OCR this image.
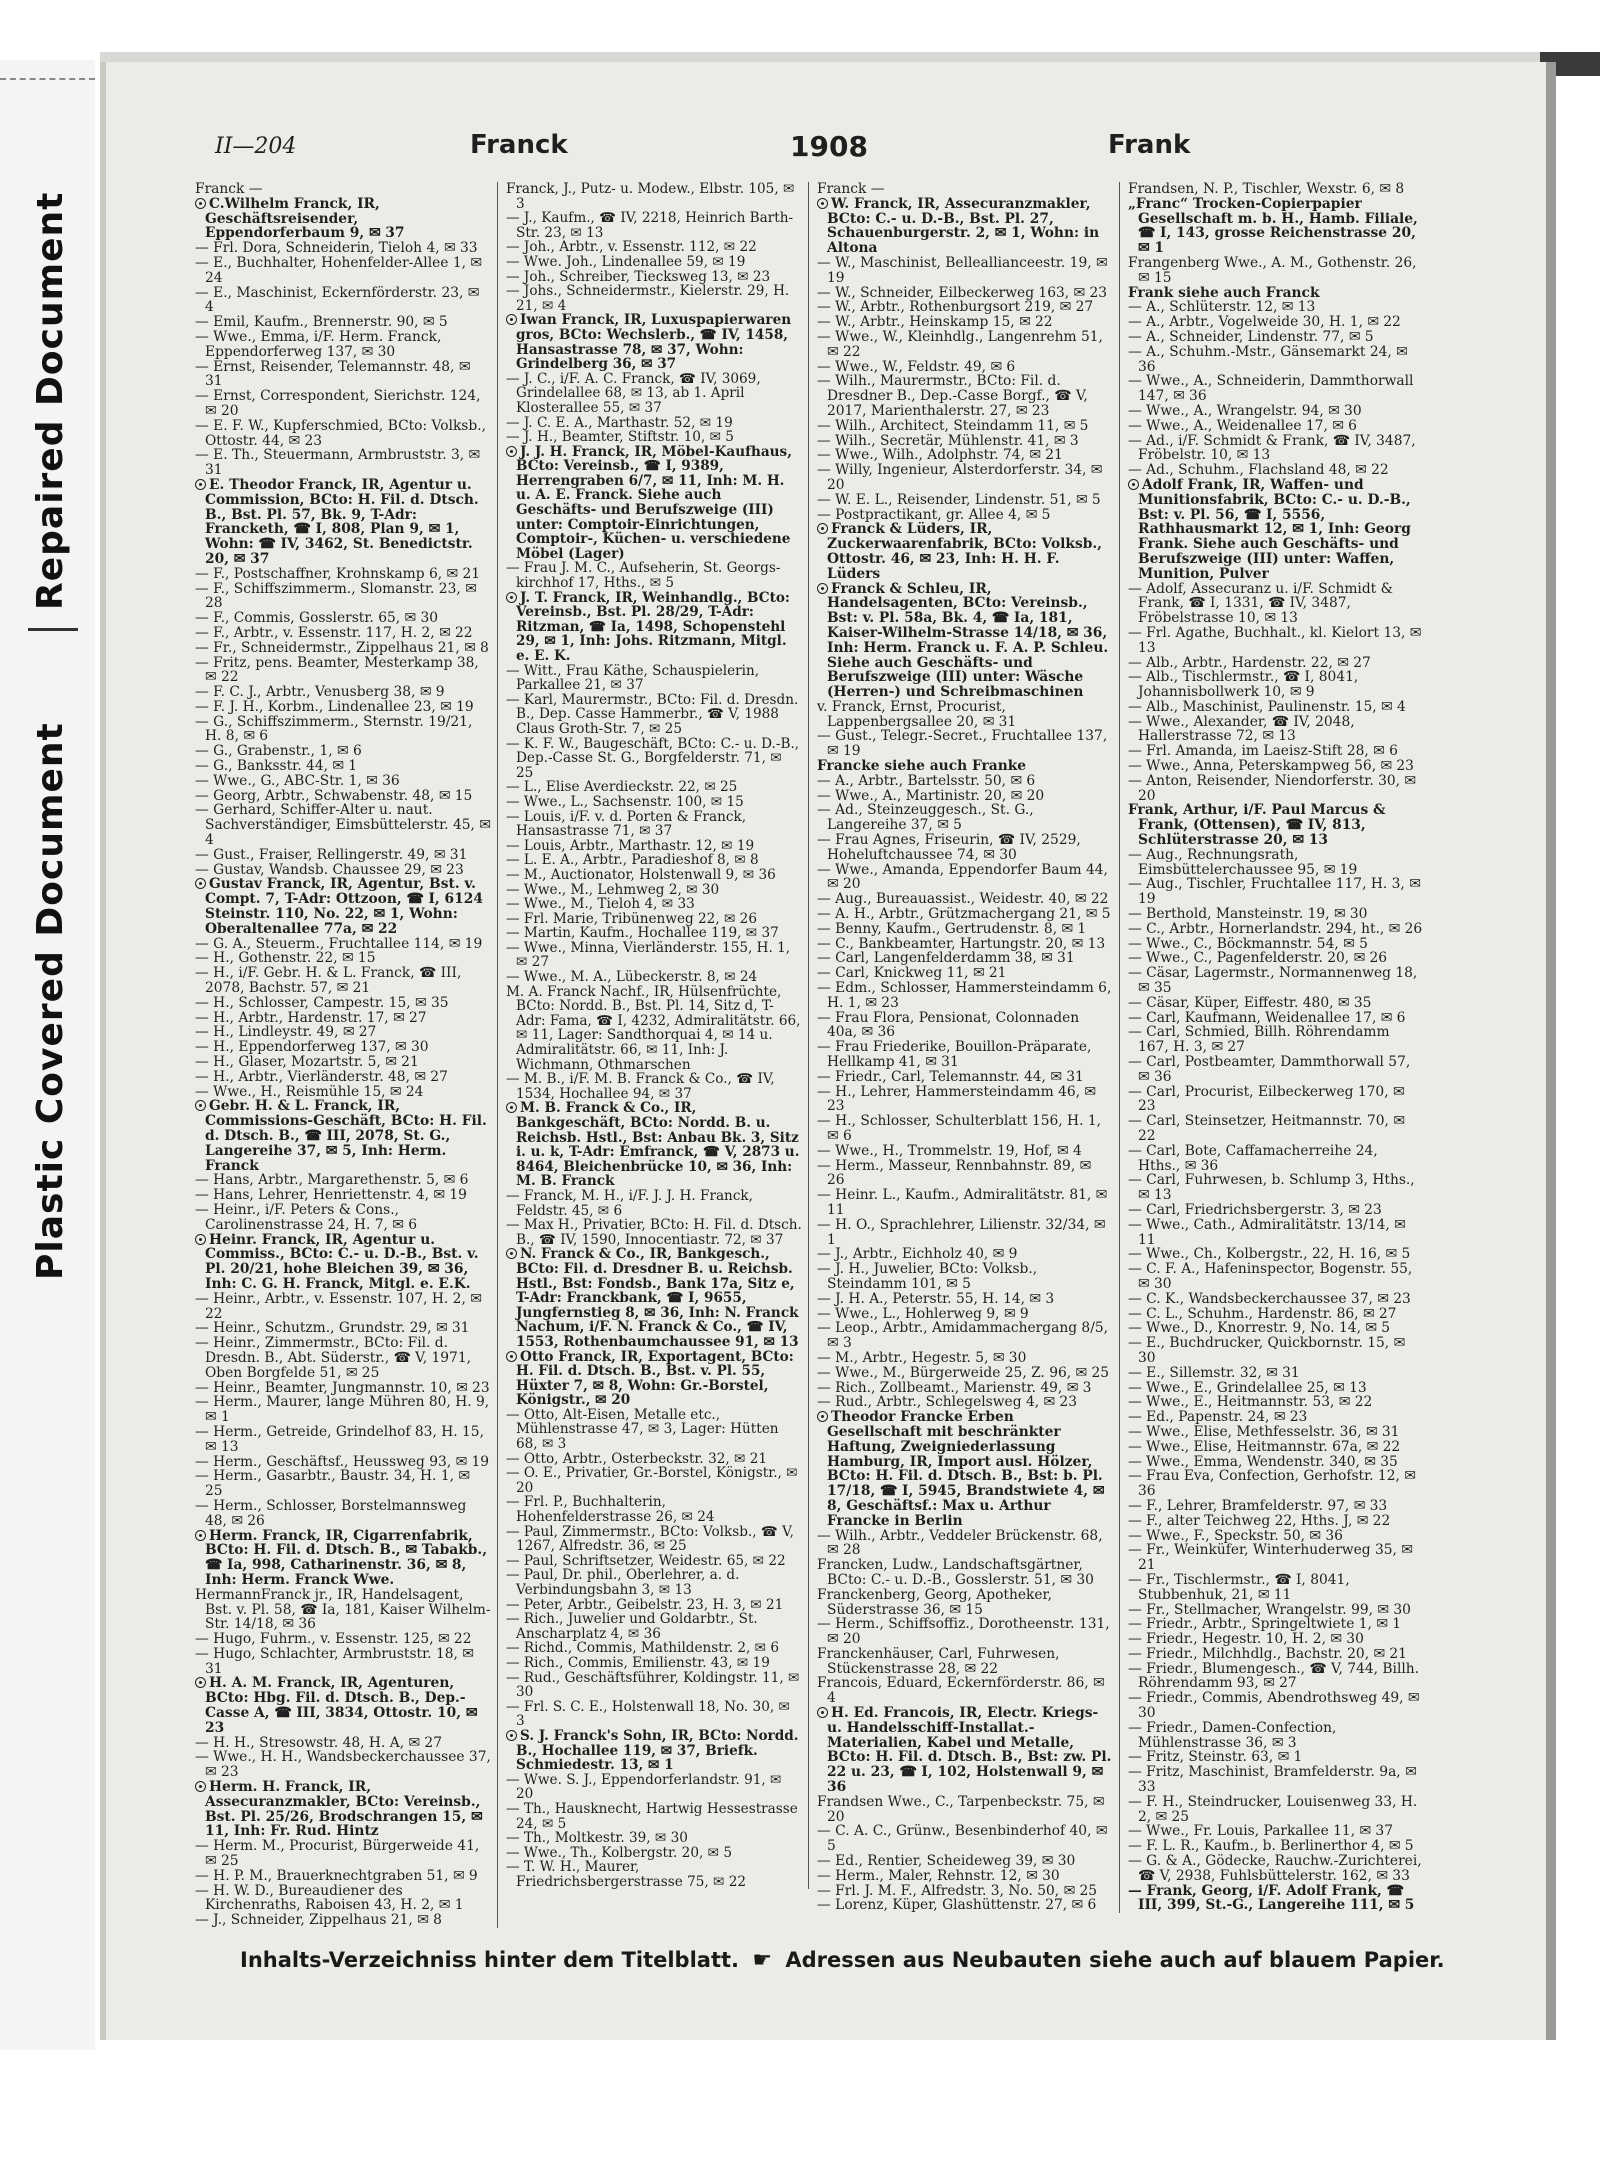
Repaired Document
Plastic Covered Document
II—204	Franck	1908	Frank

Franck —

C.Wilhelm Franck, IR, Geschäftsreisender, Eppendorferbaum 9, ✉ 37

— Frl. Dora, Schneiderin, Tieloh 4, ✉ 33

— E., Buchhalter, Hohenfelder-Allee 1, ✉ 24

— E., Maschinist, Eckernförderstr. 23, ✉ 4

— Emil, Kaufm., Brennerstr. 90, ✉ 5

— Wwe., Emma, i/F. Herm. Franck, Eppendorferweg 137, ✉ 30

— Ernst, Reisender, Telemannstr. 48, ✉ 31

— Ernst, Correspondent, Sierichstr. 124, ✉ 20

— E. F. W., Kupferschmied, BCto: Volksb., Ottostr. 44, ✉ 23

— E. Th., Steuermann, Armbruststr. 3, ✉ 31

E. Theodor Franck, IR, Agentur u. Commission, BCto: H. Fil. d. Dtsch. B., Bst. Pl. 57, Bk. 9, T-Adr: Francketh, ☎ I, 808, Plan 9, ✉ 1, Wohn: ☎ IV, 3462, St. Benedictstr. 20, ✉ 37

— F., Postschaffner, Krohnskamp 6, ✉ 21

— F., Schiffszimmerm., Slomanstr. 23, ✉ 28

— F., Commis, Gosslerstr. 65, ✉ 30

— F., Arbtr., v. Essenstr. 117, H. 2, ✉ 22

— Fr., Schneidermstr., Zippelhaus 21, ✉ 8

— Fritz, pens. Beamter, Mesterkamp 38, ✉ 22

— F. C. J., Arbtr., Venusberg 38, ✉ 9

— F. J. H., Korbm., Lindenallee 23, ✉ 19

— G., Schiffszimmerm., Sternstr. 19/21, H. 8, ✉ 6

— G., Grabenstr., 1, ✉ 6

— G., Banksstr. 44, ✉ 1

— Wwe., G., ABC-Str. 1, ✉ 36

— Georg, Arbtr., Schwabenstr. 48, ✉ 15

— Gerhard, Schiffer-Alter u. naut. Sachverständiger, Eimsbüttelerstr. 45, ✉ 4

— Gust., Fraiser, Rellingerstr. 49, ✉ 31

— Gustav, Wandsb. Chaussee 29, ✉ 23

Gustav Franck, IR, Agentur, Bst. v. Compt. 7, T-Adr: Ottzoon, ☎ I, 6124 Steinstr. 110, No. 22, ✉ 1, Wohn: Oberaltenallee 77a, ✉ 22

— G. A., Steuerm., Fruchtallee 114, ✉ 19

— H., Gothenstr. 22, ✉ 15

— H., i/F. Gebr. H. & L. Franck, ☎ III, 2078, Bachstr. 57, ✉ 21

— H., Schlosser, Campestr. 15, ✉ 35

— H., Arbtr., Hardenstr. 17, ✉ 27

— H., Lindleystr. 49, ✉ 27

— H., Eppendorferweg 137, ✉ 30

— H., Glaser, Mozartstr. 5, ✉ 21

— H., Arbtr., Vierländerstr. 48, ✉ 27

— Wwe., H., Reismühle 15, ✉ 24

Gebr. H. & L. Franck, IR, Commissions-Geschäft, BCto: H. Fil. d. Dtsch. B., ☎ III, 2078, St. G., Langereihe 37, ✉ 5, Inh: Herm. Franck

— Hans, Arbtr., Margarethenstr. 5, ✉ 6

— Hans, Lehrer, Henriettenstr. 4, ✉ 19

— Heinr., i/F. Peters & Cons., Carolinenstrasse 24, H. 7, ✉ 6

Heinr. Franck, IR, Agentur u. Commiss., BCto: C.- u. D.-B., Bst. v. Pl. 20/21, hohe Bleichen 39, ✉ 36, Inh: C. G. H. Franck, Mitgl. e. E.K.

— Heinr., Arbtr., v. Essenstr. 107, H. 2, ✉ 22

— Heinr., Schutzm., Grundstr. 29, ✉ 31

— Heinr., Zimmermstr., BCto: Fil. d. Dresdn. B., Abt. Süderstr., ☎ V, 1971, Oben Borgfelde 51, ✉ 25

— Heinr., Beamter, Jungmannstr. 10, ✉ 23

— Herm., Maurer, lange Mühren 80, H. 9, ✉ 1

— Herm., Getreide, Grindelhof 83, H. 15, ✉ 13

— Herm., Geschäftsf., Heussweg 93, ✉ 19

— Herm., Gasarbtr., Baustr. 34, H. 1, ✉ 25

— Herm., Schlosser, Borstelmannsweg 48, ✉ 26

Herm. Franck, IR, Cigarrenfabrik, BCto: H. Fil. d. Dtsch. B., ✉ Tabakb., ☎ Ia, 998, Catharinenstr. 36, ✉ 8, Inh: Herm. Franck Wwe.

HermannFranck jr., IR, Handelsagent, Bst. v. Pl. 58, ☎ Ia, 181, Kaiser Wilhelm-Str. 14/18, ✉ 36

— Hugo, Fuhrm., v. Essenstr. 125, ✉ 22

— Hugo, Schlachter, Armbruststr. 18, ✉ 31

H. A. M. Franck, IR, Agenturen, BCto: Hbg. Fil. d. Dtsch. B., Dep.-Casse A, ☎ III, 3834, Ottostr. 10, ✉ 23

— H. H., Stresowstr. 48, H. A, ✉ 27

— Wwe., H. H., Wandsbeckerchaussee 37, ✉ 23

Herm. H. Franck, IR, Assecuranzmakler, BCto: Vereinsb., Bst. Pl. 25/26, Brodschrangen 15, ✉ 11, Inh: Fr. Rud. Hintz

— Herm. M., Procurist, Bürgerweide 41, ✉ 25

— H. P. M., Brauerknechtgraben 51, ✉ 9

— H. W. D., Bureaudiener des Kirchenraths, Raboisen 43, H. 2, ✉ 1

— J., Schneider, Zippelhaus 21, ✉ 8

Franck, J., Putz- u. Modew., Elbstr. 105, ✉ 3

— J., Kaufm., ☎ IV, 2218, Heinrich Barth-Str. 23, ✉ 13

— Joh., Arbtr., v. Essenstr. 112, ✉ 22

— Wwe. Joh., Lindenallee 59, ✉ 19

— Joh., Schreiber, Tiecksweg 13, ✉ 23

— Johs., Schneidermstr., Kielerstr. 29, H. 21, ✉ 4

Iwan Franck, IR, Luxuspapierwaren gros, BCto: Wechslerb., ☎ IV, 1458, Hansastrasse 78, ✉ 37, Wohn: Grindelberg 36, ✉ 37

— J. C., i/F. A. C. Franck, ☎ IV, 3069, Grindelallee 68, ✉ 13, ab 1. April Klosterallee 55, ✉ 37

— J. C. E. A., Marthastr. 52, ✉ 19

— J. H., Beamter, Stiftstr. 10, ✉ 5

J. J. H. Franck, IR, Möbel-Kaufhaus, BCto: Vereinsb., ☎ I, 9389, Herrengraben 6/7, ✉ 11, Inh: M. H. u. A. E. Franck. Siehe auch Geschäfts- und Berufszweige (III) unter: Comptoir-Einrichtungen, Comptoir-, Küchen- u. verschiedene Möbel (Lager)

— Frau J. M. C., Aufseherin, St. Georgs-kirchhof 17, Hths., ✉ 5

J. T. Franck, IR, Weinhandlg., BCto: Vereinsb., Bst. Pl. 28/29, T-Adr: Ritzman, ☎ Ia, 1498, Schopenstehl 29, ✉ 1, Inh: Johs. Ritzmann, Mitgl. e. E. K.

— Witt., Frau Käthe, Schauspielerin, Parkallee 21, ✉ 37

— Karl, Maurermstr., BCto: Fil. d. Dresdn. B., Dep. Casse Hammerbr., ☎ V, 1988 Claus Groth-Str. 7, ✉ 25

— K. F. W., Baugeschäft, BCto: C.- u. D.-B., Dep.-Casse St. G., Borgfelderstr. 71, ✉ 25

— L., Elise Averdieckstr. 22, ✉ 25

— Wwe., L., Sachsenstr. 100, ✉ 15

— Louis, i/F. v. d. Porten & Franck, Hansastrasse 71, ✉ 37

— Louis, Arbtr., Marthastr. 12, ✉ 19

— L. E. A., Arbtr., Paradieshof 8, ✉ 8

— M., Auctionator, Holstenwall 9, ✉ 36

— Wwe., M., Lehmweg 2, ✉ 30

— Wwe., M., Tieloh 4, ✉ 33

— Frl. Marie, Tribünenweg 22, ✉ 26

— Martin, Kaufm., Hochallee 119, ✉ 37

— Wwe., Minna, Vierländerstr. 155, H. 1, ✉ 27

— Wwe., M. A., Lübeckerstr. 8, ✉ 24

M. A. Franck Nachf., IR, Hülsenfrüchte, BCto: Nordd. B., Bst. Pl. 14, Sitz d, T-Adr: Fama, ☎ I, 4232, Admiralitätstr. 66, ✉ 11, Lager: Sandthorquai 4, ✉ 14 u. Admiralitätstr. 66, ✉ 11, Inh: J. Wichmann, Othmarschen

— M. B., i/F. M. B. Franck & Co., ☎ IV, 1534, Hochallee 94, ✉ 37

M. B. Franck & Co., IR, Bankgeschäft, BCto: Nordd. B. u. Reichsb. Hstl., Bst: Anbau Bk. 3, Sitz i. u. k, T-Adr: Emfranck, ☎ V, 2873 u. 8464, Bleichenbrücke 10, ✉ 36, Inh: M. B. Franck

— Franck, M. H., i/F. J. J. H. Franck, Feldstr. 45, ✉ 6

— Max H., Privatier, BCto: H. Fil. d. Dtsch. B., ☎ IV, 1590, Innocentiastr. 72, ✉ 37

N. Franck & Co., IR, Bankgesch., BCto: Fil. d. Dresdner B. u. Reichsb. Hstl., Bst: Fondsb., Bank 17a, Sitz e, T-Adr: Franckbank, ☎ I, 9655, Jungfernstieg 8, ✉ 36, Inh: N. Franck Nachum, i/F. N. Franck & Co., ☎ IV, 1553, Rothenbaumchaussee 91, ✉ 13

Otto Franck, IR, Exportagent, BCto: H. Fil. d. Dtsch. B., Bst. v. Pl. 55, Hüxter 7, ✉ 8, Wohn: Gr.-Borstel, Königstr., ✉ 20

— Otto, Alt-Eisen, Metalle etc., Mühlenstrasse 47, ✉ 3, Lager: Hütten 68, ✉ 3

— Otto, Arbtr., Osterbeckstr. 32, ✉ 21

— O. E., Privatier, Gr.-Borstel, Königstr., ✉ 20

— Frl. P., Buchhalterin, Hohenfelderstrasse 26, ✉ 24

— Paul, Zimmermstr., BCto: Volksb., ☎ V, 1267, Alfredstr. 36, ✉ 25

— Paul, Schriftsetzer, Weidestr. 65, ✉ 22

— Paul, Dr. phil., Oberlehrer, a. d. Verbindungsbahn 3, ✉ 13

— Peter, Arbtr., Geibelstr. 23, H. 3, ✉ 21

— Rich., Juwelier und Goldarbtr., St. Anscharplatz 4, ✉ 36

— Richd., Commis, Mathildenstr. 2, ✉ 6

— Rich., Commis, Emilienstr. 43, ✉ 19

— Rud., Geschäftsführer, Koldingstr. 11, ✉ 30

— Frl. S. C. E., Holstenwall 18, No. 30, ✉ 3

S. J. Franck's Sohn, IR, BCto: Nordd. B., Hochallee 119, ✉ 37, Briefk. Schmiedestr. 13, ✉ 1

— Wwe. S. J., Eppendorferlandstr. 91, ✉ 20

— Th., Hausknecht, Hartwig Hessestrasse 24, ✉ 5

— Th., Moltkestr. 39, ✉ 30

— Wwe., Th., Kolbergstr. 20, ✉ 5

— T. W. H., Maurer, Friedrichsbergerstrasse 75, ✉ 22

Franck —

W. Franck, IR, Assecuranzmakler, BCto: C.- u. D.-B., Bst. Pl. 27, Schauenburgerstr. 2, ✉ 1, Wohn: in Altona

— W., Maschinist, Belleallianceestr. 19, ✉ 19

— W., Schneider, Eilbeckerweg 163, ✉ 23

— W., Arbtr., Rothenburgsort 219, ✉ 27

— W., Arbtr., Heinskamp 15, ✉ 22

— Wwe., W., Kleinhdlg., Langenrehm 51, ✉ 22

— Wwe., W., Feldstr. 49, ✉ 6

— Wilh., Maurermstr., BCto: Fil. d. Dresdner B., Dep.-Casse Borgf., ☎ V, 2017, Marienthalerstr. 27, ✉ 23

— Wilh., Architect, Steindamm 11, ✉ 5

— Wilh., Secretär, Mühlenstr. 41, ✉ 3

— Wwe., Wilh., Adolphstr. 74, ✉ 21

— Willy, Ingenieur, Alsterdorferstr. 34, ✉ 20

— W. E. L., Reisender, Lindenstr. 51, ✉ 5

— Postpractikant, gr. Allee 4, ✉ 5

Franck & Lüders, IR, Zuckerwaarenfabrik, BCto: Volksb., Ottostr. 46, ✉ 23, Inh: H. H. F. Lüders

Franck & Schleu, IR, Handelsagenten, BCto: Vereinsb., Bst: v. Pl. 58a, Bk. 4, ☎ Ia, 181, Kaiser-Wilhelm-Strasse 14/18, ✉ 36, Inh: Herm. Franck u. F. A. P. Schleu. Siehe auch Geschäfts- und Berufszweige (III) unter: Wäsche (Herren-) und Schreibmaschinen

v. Franck, Ernst, Procurist, Lappenbergsallee 20, ✉ 31

— Gust., Telegr.-Secret., Fruchtallee 137, ✉ 19

Francke siehe auch Franke

— A., Arbtr., Bartelsstr. 50, ✉ 6

— Wwe., A., Martinistr. 20, ✉ 20

— Ad., Steinzeuggesch., St. G., Langereihe 37, ✉ 5

— Frau Agnes, Friseurin, ☎ IV, 2529, Hoheluftchaussee 74, ✉ 30

— Wwe., Amanda, Eppendorfer Baum 44, ✉ 20

— Aug., Bureauassist., Weidestr. 40, ✉ 22

— A. H., Arbtr., Grützmachergang 21, ✉ 5

— Benny, Kaufm., Gertrudenstr. 8, ✉ 1

— C., Bankbeamter, Hartungstr. 20, ✉ 13

— Carl, Langenfelderdamm 38, ✉ 31

— Carl, Knickweg 11, ✉ 21

— Edm., Schlosser, Hammersteindamm 6, H. 1, ✉ 23

— Frau Flora, Pensionat, Colonnaden 40a, ✉ 36

— Frau Friederike, Bouillon-Präparate, Hellkamp 41, ✉ 31

— Friedr., Carl, Telemannstr. 44, ✉ 31

— H., Lehrer, Hammersteindamm 46, ✉ 23

— H., Schlosser, Schulterblatt 156, H. 1, ✉ 6

— Wwe., H., Trommelstr. 19, Hof, ✉ 4

— Herm., Masseur, Rennbahnstr. 89, ✉ 26

— Heinr. L., Kaufm., Admiralitätstr. 81, ✉ 11

— H. O., Sprachlehrer, Lilienstr. 32/34, ✉ 1

— J., Arbtr., Eichholz 40, ✉ 9

— J. H., Juwelier, BCto: Volksb., Steindamm 101, ✉ 5

— J. H. A., Peterstr. 55, H. 14, ✉ 3

— Wwe., L., Hohlerweg 9, ✉ 9

— Leop., Arbtr., Amidammachergang 8/5, ✉ 3

— M., Arbtr., Hegestr. 5, ✉ 30

— Wwe., M., Bürgerweide 25, Z. 96, ✉ 25

— Rich., Zollbeamt., Marienstr. 49, ✉ 3

— Rud., Arbtr., Schlegelsweg 4, ✉ 23

Theodor Francke Erben Gesellschaft mit beschränkter Haftung, Zweigniederlassung Hamburg, IR, Import ausl. Hölzer, BCto: H. Fil. d. Dtsch. B., Bst: b. Pl. 17/18, ☎ I, 5945, Brandstwiete 4, ✉ 8, Geschäftsf.: Max u. Arthur Francke in Berlin

— Wilh., Arbtr., Veddeler Brückenstr. 68, ✉ 28

Francken, Ludw., Landschaftsgärtner, BCto: C.- u. D.-B., Gosslerstr. 51, ✉ 30

Franckenberg, Georg, Apotheker, Süderstrasse 36, ✉ 15

— Herm., Schiffsoffiz., Dorotheenstr. 131, ✉ 20

Franckenhäuser, Carl, Fuhrwesen, Stückenstrasse 28, ✉ 22

Francois, Eduard, Eckernförderstr. 86, ✉ 4

H. Ed. Francois, IR, Electr. Kriegs- u. Handelsschiff-Installat.-Materialien, Kabel und Metalle, BCto: H. Fil. d. Dtsch. B., Bst: zw. Pl. 22 u. 23, ☎ I, 102, Holstenwall 9, ✉ 36

Frandsen Wwe., C., Tarpenbeckstr. 75, ✉ 20

— C. A. C., Grünw., Besenbinderhof 40, ✉ 5

— Ed., Rentier, Scheideweg 39, ✉ 30

— Herm., Maler, Rehnstr. 12, ✉ 30

— Frl. J. M. F., Alfredstr. 3, No. 50, ✉ 25

— Lorenz, Küper, Glashüttenstr. 27, ✉ 6

Frandsen, N. P., Tischler, Wexstr. 6, ✉ 8

„Franc“ Trocken-Copierpapier Gesellschaft m. b. H., Hamb. Filiale, ☎ I, 143, grosse Reichenstrasse 20, ✉ 1

Frangenberg Wwe., A. M., Gothenstr. 26, ✉ 15

Frank siehe auch Franck

— A., Schlüterstr. 12, ✉ 13

— A., Arbtr., Vogelweide 30, H. 1, ✉ 22

— A., Schneider, Lindenstr. 77, ✉ 5

— A., Schuhm.-Mstr., Gänsemarkt 24, ✉ 36

— Wwe., A., Schneiderin, Dammthorwall 147, ✉ 36

— Wwe., A., Wrangelstr. 94, ✉ 30

— Wwe., A., Weidenallee 17, ✉ 6

— Ad., i/F. Schmidt & Frank, ☎ IV, 3487, Fröbelstr. 10, ✉ 13

— Ad., Schuhm., Flachsland 48, ✉ 22

Adolf Frank, IR, Waffen- und Munitionsfabrik, BCto: C.- u. D.-B., Bst: v. Pl. 56, ☎ I, 5556, Rathhausmarkt 12, ✉ 1, Inh: Georg Frank. Siehe auch Geschäfts- und Berufszweige (III) unter: Waffen, Munition, Pulver

— Adolf, Assecuranz u. i/F. Schmidt & Frank, ☎ I, 1331, ☎ IV, 3487, Fröbelstrasse 10, ✉ 13

— Frl. Agathe, Buchhalt., kl. Kielort 13, ✉ 13

— Alb., Arbtr., Hardenstr. 22, ✉ 27

— Alb., Tischlermstr., ☎ I, 8041, Johannisbollwerk 10, ✉ 9

— Alb., Maschinist, Paulinenstr. 15, ✉ 4

— Wwe., Alexander, ☎ IV, 2048, Hallerstrasse 72, ✉ 13

— Frl. Amanda, im Laeisz-Stift 28, ✉ 6

— Wwe., Anna, Peterskampweg 56, ✉ 23

— Anton, Reisender, Niendorferstr. 30, ✉ 20

Frank, Arthur, i/F. Paul Marcus & Frank, (Ottensen), ☎ IV, 813, Schlüterstrasse 20, ✉ 13

— Aug., Rechnungsrath, Eimsbüttelerchaussee 95, ✉ 19

— Aug., Tischler, Fruchtallee 117, H. 3, ✉ 19

— Berthold, Mansteinstr. 19, ✉ 30

— C., Arbtr., Hornerlandstr. 294, ht., ✉ 26

— Wwe., C., Böckmannstr. 54, ✉ 5

— Wwe., C., Pagenfelderstr. 20, ✉ 26

— Cäsar, Lagermstr., Normannenweg 18, ✉ 35

— Cäsar, Küper, Eiffestr. 480, ✉ 35

— Carl, Kaufmann, Weidenallee 17, ✉ 6

— Carl, Schmied, Billh. Röhrendamm 167, H. 3, ✉ 27

— Carl, Postbeamter, Dammthorwall 57, ✉ 36

— Carl, Procurist, Eilbeckerweg 170, ✉ 23

— Carl, Steinsetzer, Heitmannstr. 70, ✉ 22

— Carl, Bote, Caffamacherreihe 24, Hths., ✉ 36

— Carl, Fuhrwesen, b. Schlump 3, Hths., ✉ 13

— Carl, Friedrichsbergerstr. 3, ✉ 23

— Wwe., Cath., Admiralitätstr. 13/14, ✉ 11

— Wwe., Ch., Kolbergstr., 22, H. 16, ✉ 5

— C. F. A., Hafeninspector, Bogenstr. 55, ✉ 30

— C. K., Wandsbeckerchaussee 37, ✉ 23

— C. L., Schuhm., Hardenstr. 86, ✉ 27

— Wwe., D., Knorrestr. 9, No. 14, ✉ 5

— E., Buchdrucker, Quickbornstr. 15, ✉ 30

— E., Sillemstr. 32, ✉ 31

— Wwe., E., Grindelallee 25, ✉ 13

— Wwe., E., Heitmannstr. 53, ✉ 22

— Ed., Papenstr. 24, ✉ 23

— Wwe., Elise, Methfesselstr. 36, ✉ 31

— Wwe., Elise, Heitmannstr. 67a, ✉ 22

— Wwe., Emma, Wendenstr. 340, ✉ 35

— Frau Eva, Confection, Gerhofstr. 12, ✉ 36

— F., Lehrer, Bramfelderstr. 97, ✉ 33

— F., alter Teichweg 22, Hths. J, ✉ 22

— Wwe., F., Speckstr. 50, ✉ 36

— Fr., Weinküfer, Winterhuderweg 35, ✉ 21

— Fr., Tischlermstr., ☎ I, 8041, Stubbenhuk, 21, ✉ 11

— Fr., Stellmacher, Wrangelstr. 99, ✉ 30

— Friedr., Arbtr., Springeltwiete 1, ✉ 1

— Friedr., Hegestr. 10, H. 2, ✉ 30

— Friedr., Milchhdlg., Bachstr. 20, ✉ 21

— Friedr., Blumengesch., ☎ V, 744, Billh. Röhrendamm 93, ✉ 27

— Friedr., Commis, Abendrothsweg 49, ✉ 30

— Friedr., Damen-Confection, Mühlenstrasse 36, ✉ 3

— Fritz, Steinstr. 63, ✉ 1

— Fritz, Maschinist, Bramfelderstr. 9a, ✉ 33

— F. H., Steindrucker, Louisenweg 33, H. 2, ✉ 25

— Wwe., Fr. Louis, Parkallee 11, ✉ 37

— F. L. R., Kaufm., b. Berlinerthor 4, ✉ 5

— G. & A., Gödecke, Rauchw.-Zurichterei, ☎ V, 2938, Fuhlsbüttelerstr. 162, ✉ 33

— Frank, Georg, i/F. Adolf Frank, ☎ III, 399, St.-G., Langereihe 111, ✉ 5

Inhalts-Verzeichniss hinter dem Titelblatt. ☛ Adressen aus Neubauten siehe auch auf blauem Papier.
